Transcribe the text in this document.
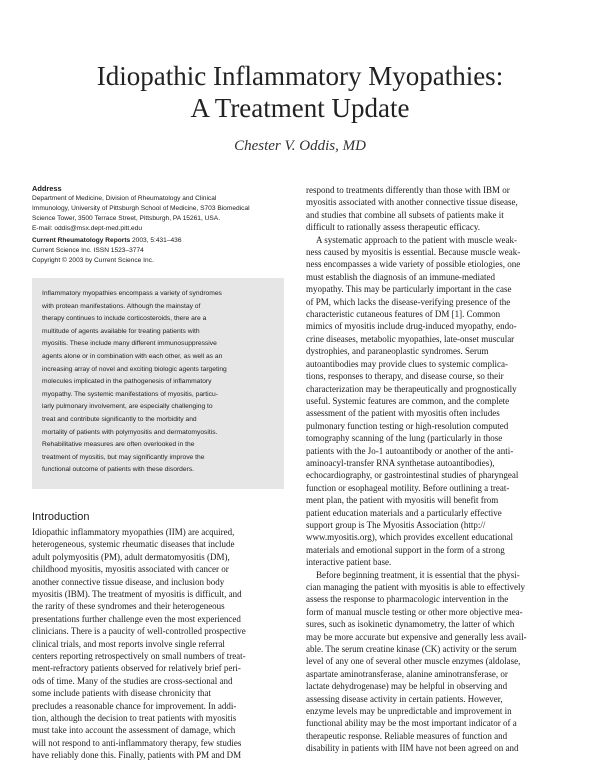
Idiopathic Inflammatory Myopathies:
A Treatment Update
Chester V. Oddis, MD
Address
Department of Medicine, Division of Rheumatology and Clinical
Immunology, University of Pittsburgh School of Medicine, S703 Biomedical
Science Tower, 3500 Terrace Street, Pittsburgh, PA 15261, USA.
E-mail: oddis@msx.dept-med.pitt.edu
Current Rheumatology Reports 2003, 5:431–436
Current Science Inc. ISSN 1523–3774
Copyright © 2003 by Current Science Inc.
Inflammatory myopathies encompass a variety of syndromes
with protean manifestations. Although the mainstay of
therapy continues to include corticosteroids, there are a
multitude of agents available for treating patients with
myositis. These include many different immunosuppressive
agents alone or in combination with each other, as well as an
increasing array of novel and exciting biologic agents targeting
molecules implicated in the pathogenesis of inflammatory
myopathy. The systemic manifestations of myositis, particu-
larly pulmonary involvement, are especially challenging to
treat and contribute significantly to the morbidity and
mortality of patients with polymyositis and dermatomyositis.
Rehabilitative measures are often overlooked in the
treatment of myositis, but may significantly improve the
functional outcome of patients with these disorders.
Introduction
Idiopathic inflammatory myopathies (IIM) are acquired,
heterogeneous, systemic rheumatic diseases that include
adult polymyositis (PM), adult dermatomyositis (DM),
childhood myositis, myositis associated with cancer or
another connective tissue disease, and inclusion body
myositis (IBM). The treatment of myositis is difficult, and
the rarity of these syndromes and their heterogeneous
presentations further challenge even the most experienced
clinicians. There is a paucity of well-controlled prospective
clinical trials, and most reports involve single referral
centers reporting retrospectively on small numbers of treat-
ment-refractory patients observed for relatively brief peri-
ods of time. Many of the studies are cross-sectional and
some include patients with disease chronicity that
precludes a reasonable chance for improvement. In addi-
tion, although the decision to treat patients with myositis
must take into account the assessment of damage, which
will not respond to anti-inflammatory therapy, few studies
have reliably done this. Finally, patients with PM and DM
respond to treatments differently than those with IBM or
myositis associated with another connective tissue disease,
and studies that combine all subsets of patients make it
difficult to rationally assess therapeutic efficacy.
A systematic approach to the patient with muscle weak-
ness caused by myositis is essential. Because muscle weak-
ness encompasses a wide variety of possible etiologies, one
must establish the diagnosis of an immune-mediated
myopathy. This may be particularly important in the case
of PM, which lacks the disease-verifying presence of the
characteristic cutaneous features of DM [1]. Common
mimics of myositis include drug-induced myopathy, endo-
crine diseases, metabolic myopathies, late-onset muscular
dystrophies, and paraneoplastic syndromes. Serum
autoantibodies may provide clues to systemic complica-
tions, responses to therapy, and disease course, so their
characterization may be therapeutically and prognostically
useful. Systemic features are common, and the complete
assessment of the patient with myositis often includes
pulmonary function testing or high-resolution computed
tomography scanning of the lung (particularly in those
patients with the Jo-1 autoantibody or another of the anti-
aminoacyl-transfer RNA synthetase autoantibodies),
echocardiography, or gastrointestinal studies of pharyngeal
function or esophageal motility. Before outlining a treat-
ment plan, the patient with myositis will benefit from
patient education materials and a particularly effective
support group is The Myositis Association (http://
www.myositis.org), which provides excellent educational
materials and emotional support in the form of a strong
interactive patient base.
Before beginning treatment, it is essential that the physi-
cian managing the patient with myositis is able to effectively
assess the response to pharmacologic intervention in the
form of manual muscle testing or other more objective mea-
sures, such as isokinetic dynamometry, the latter of which
may be more accurate but expensive and generally less avail-
able. The serum creatine kinase (CK) activity or the serum
level of any one of several other muscle enzymes (aldolase,
aspartate aminotransferase, alanine aminotransferase, or
lactate dehydrogenase) may be helpful in observing and
assessing disease activity in certain patients. However,
enzyme levels may be unpredictable and improvement in
functional ability may be the most important indicator of a
therapeutic response. Reliable measures of function and
disability in patients with IIM have not been agreed on and
